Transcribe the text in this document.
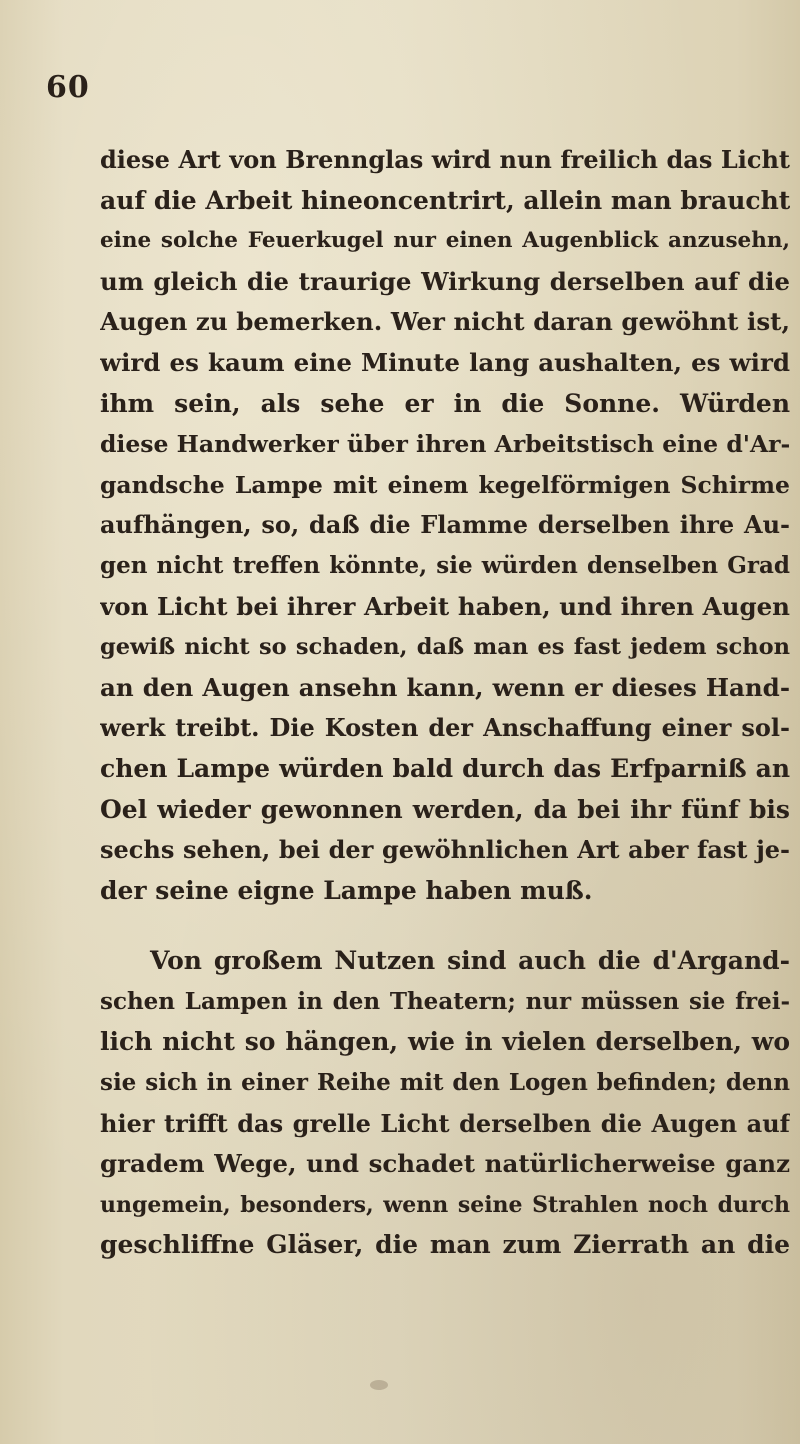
60
diese Art von Brennglas wird nun freilich das Licht
auf die Arbeit hineoncentrirt, allein man braucht
eine solche Feuerkugel nur einen Augenblick anzusehn,
um gleich die traurige Wirkung derselben auf die
Augen zu bemerken. Wer nicht daran gewöhnt ist,
wird es kaum eine Minute lang aushalten, es wird
ihm sein, als sehe er in die Sonne. Würden
diese Handwerker über ihren Arbeitstisch eine d'Ar-
gandsche Lampe mit einem kegelförmigen Schirme
aufhängen, so, daß die Flamme derselben ihre Au-
gen nicht treffen könnte, sie würden denselben Grad
von Licht bei ihrer Arbeit haben, und ihren Augen
gewiß nicht so schaden, daß man es fast jedem schon
an den Augen ansehn kann, wenn er dieses Hand-
werk treibt. Die Kosten der Anschaffung einer sol-
chen Lampe würden bald durch das Erfparniß an
Oel wieder gewonnen werden, da bei ihr fünf bis
sechs sehen, bei der gewöhnlichen Art aber fast je-
der seine eigne Lampe haben muß.
Von großem Nutzen sind auch die d'Argand-
schen Lampen in den Theatern; nur müssen sie frei-
lich nicht so hängen, wie in vielen derselben, wo
sie sich in einer Reihe mit den Logen befinden; denn
hier trifft das grelle Licht derselben die Augen auf
gradem Wege, und schadet natürlicherweise ganz
ungemein, besonders, wenn seine Strahlen noch durch
geschliffne Gläser, die man zum Zierrath an die
